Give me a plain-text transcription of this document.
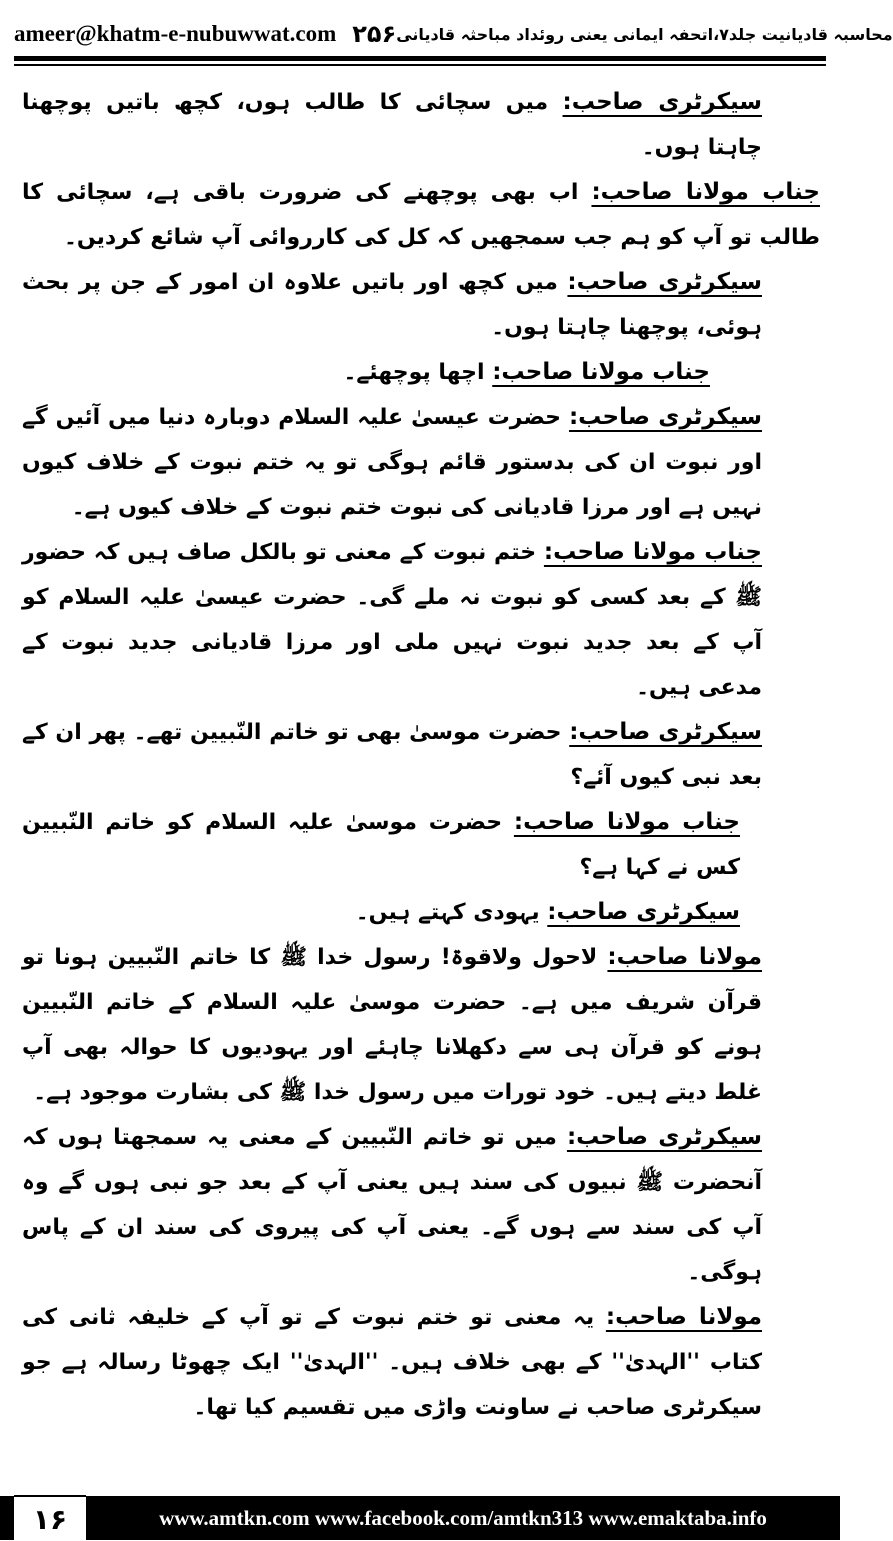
ameer@khatm-e-nubuwwat.com ۲۵۶ محاسبہ قادیانیت جلد۷،اتحفہ ایمانی یعنی روئداد مباحثہ قادیانی

سیکرٹری صاحب: میں سچائی کا طالب ہوں، کچھ باتیں پوچھنا چاہتا ہوں۔

جناب مولانا صاحب: اب بھی پوچھنے کی ضرورت باقی ہے، سچائی کا طالب تو آپ کو ہم جب سمجھیں کہ کل کی کارروائی آپ شائع کردیں۔

سیکرٹری صاحب: میں کچھ اور باتیں علاوہ ان امور کے جن پر بحث ہوئی، پوچھنا چاہتا ہوں۔

جناب مولانا صاحب: اچھا پوچھئے۔

سیکرٹری صاحب: حضرت عیسیٰ علیہ السلام دوبارہ دنیا میں آئیں گے اور نبوت ان کی بدستور قائم ہوگی تو یہ ختم نبوت کے خلاف کیوں نہیں ہے اور مرزا قادیانی کی نبوت ختم نبوت کے خلاف کیوں ہے۔

جناب مولانا صاحب: ختم نبوت کے معنی تو بالکل صاف ہیں کہ حضور ﷺ کے بعد کسی کو نبوت نہ ملے گی۔ حضرت عیسیٰ علیہ السلام کو آپ کے بعد جدید نبوت نہیں ملی اور مرزا قادیانی جدید نبوت کے مدعی ہیں۔

سیکرٹری صاحب: حضرت موسیٰ بھی تو خاتم النّبیین تھے۔ پھر ان کے بعد نبی کیوں آئے؟

جناب مولانا صاحب: حضرت موسیٰ علیہ السلام کو خاتم النّبیین کس نے کہا ہے؟

سیکرٹری صاحب: یہودی کہتے ہیں۔

مولانا صاحب: لاحول ولاقوۃ! رسول خدا ﷺ کا خاتم النّبیین ہونا تو قرآن شریف میں ہے۔ حضرت موسیٰ علیہ السلام کے خاتم النّبیین ہونے کو قرآن ہی سے دکھلانا چاہئے اور یہودیوں کا حوالہ بھی آپ غلط دیتے ہیں۔ خود تورات میں رسول خدا ﷺ کی بشارت موجود ہے۔

سیکرٹری صاحب: میں تو خاتم النّبیین کے معنی یہ سمجھتا ہوں کہ آنحضرت ﷺ نبیوں کی سند ہیں یعنی آپ کے بعد جو نبی ہوں گے وہ آپ کی سند سے ہوں گے۔ یعنی آپ کی پیروی کی سند ان کے پاس ہوگی۔

مولانا صاحب: یہ معنی تو ختم نبوت کے تو آپ کے خلیفہ ثانی کی کتاب ''الہدیٰ'' کے بھی خلاف ہیں۔ ''الہدیٰ'' ایک چھوٹا رسالہ ہے جو سیکرٹری صاحب نے ساونت واڑی میں تقسیم کیا تھا۔

۱۶	www.amtkn.com www.facebook.com/amtkn313 www.emaktaba.info
